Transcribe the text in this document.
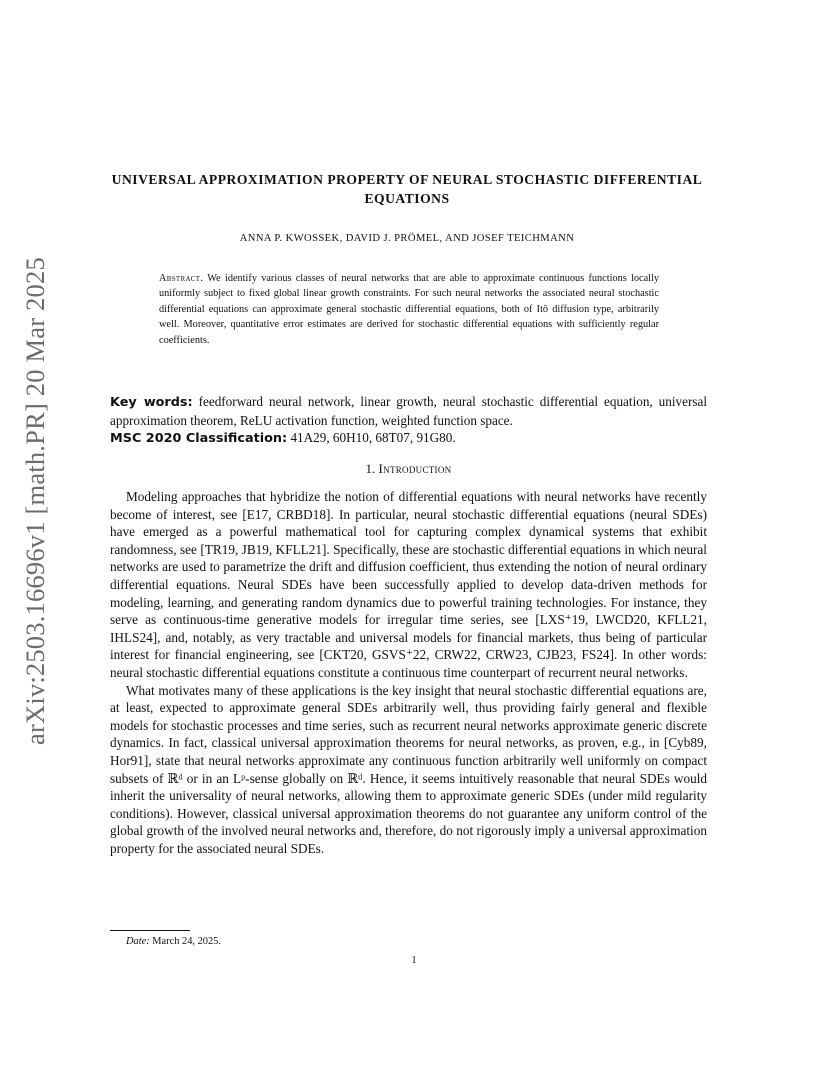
arXiv:2503.16696v1 [math.PR] 20 Mar 2025
UNIVERSAL APPROXIMATION PROPERTY OF NEURAL STOCHASTIC DIFFERENTIAL EQUATIONS
ANNA P. KWOSSEK, DAVID J. PRÖMEL, AND JOSEF TEICHMANN
Abstract. We identify various classes of neural networks that are able to approximate continuous functions locally uniformly subject to fixed global linear growth constraints. For such neural networks the associated neural stochastic differential equations can approximate general stochastic differential equations, both of Itô diffusion type, arbitrarily well. Moreover, quantitative error estimates are derived for stochastic differential equations with sufficiently regular coefficients.
Key words: feedforward neural network, linear growth, neural stochastic differential equation, universal approximation theorem, ReLU activation function, weighted function space.
MSC 2020 Classification: 41A29, 60H10, 68T07, 91G80.
1. Introduction

Modeling approaches that hybridize the notion of differential equations with neural networks have recently become of interest, see [E17, CRBD18]. In particular, neural stochastic differential equations (neural SDEs) have emerged as a powerful mathematical tool for capturing complex dynamical systems that exhibit randomness, see [TR19, JB19, KFLL21]. Specifically, these are stochastic differential equations in which neural networks are used to parametrize the drift and diffusion coefficient, thus extending the notion of neural ordinary differential equations. Neural SDEs have been successfully applied to develop data-driven methods for modeling, learning, and generating random dynamics due to powerful training technologies. For instance, they serve as continuous-time generative models for irregular time series, see [LXS⁺19, LWCD20, KFLL21, IHLS24], and, notably, as very tractable and universal models for financial markets, thus being of particular interest for financial engineering, see [CKT20, GSVS⁺22, CRW22, CRW23, CJB23, FS24]. In other words: neural stochastic differential equations constitute a continuous time counterpart of recurrent neural networks.

What motivates many of these applications is the key insight that neural stochastic differential equations are, at least, expected to approximate general SDEs arbitrarily well, thus providing fairly general and flexible models for stochastic processes and time series, such as recurrent neural networks approximate generic discrete dynamics. In fact, classical universal approximation theorems for neural networks, as proven, e.g., in [Cyb89, Hor91], state that neural networks approximate any continuous function arbitrarily well uniformly on compact subsets of ℝᵈ or in an Lᵖ-sense globally on ℝᵈ. Hence, it seems intuitively reasonable that neural SDEs would inherit the universality of neural networks, allowing them to approximate generic SDEs (under mild regularity conditions). However, classical universal approximation theorems do not guarantee any uniform control of the global growth of the involved neural networks and, therefore, do not rigorously imply a universal approximation property for the associated neural SDEs.

Date: March 24, 2025.
1
